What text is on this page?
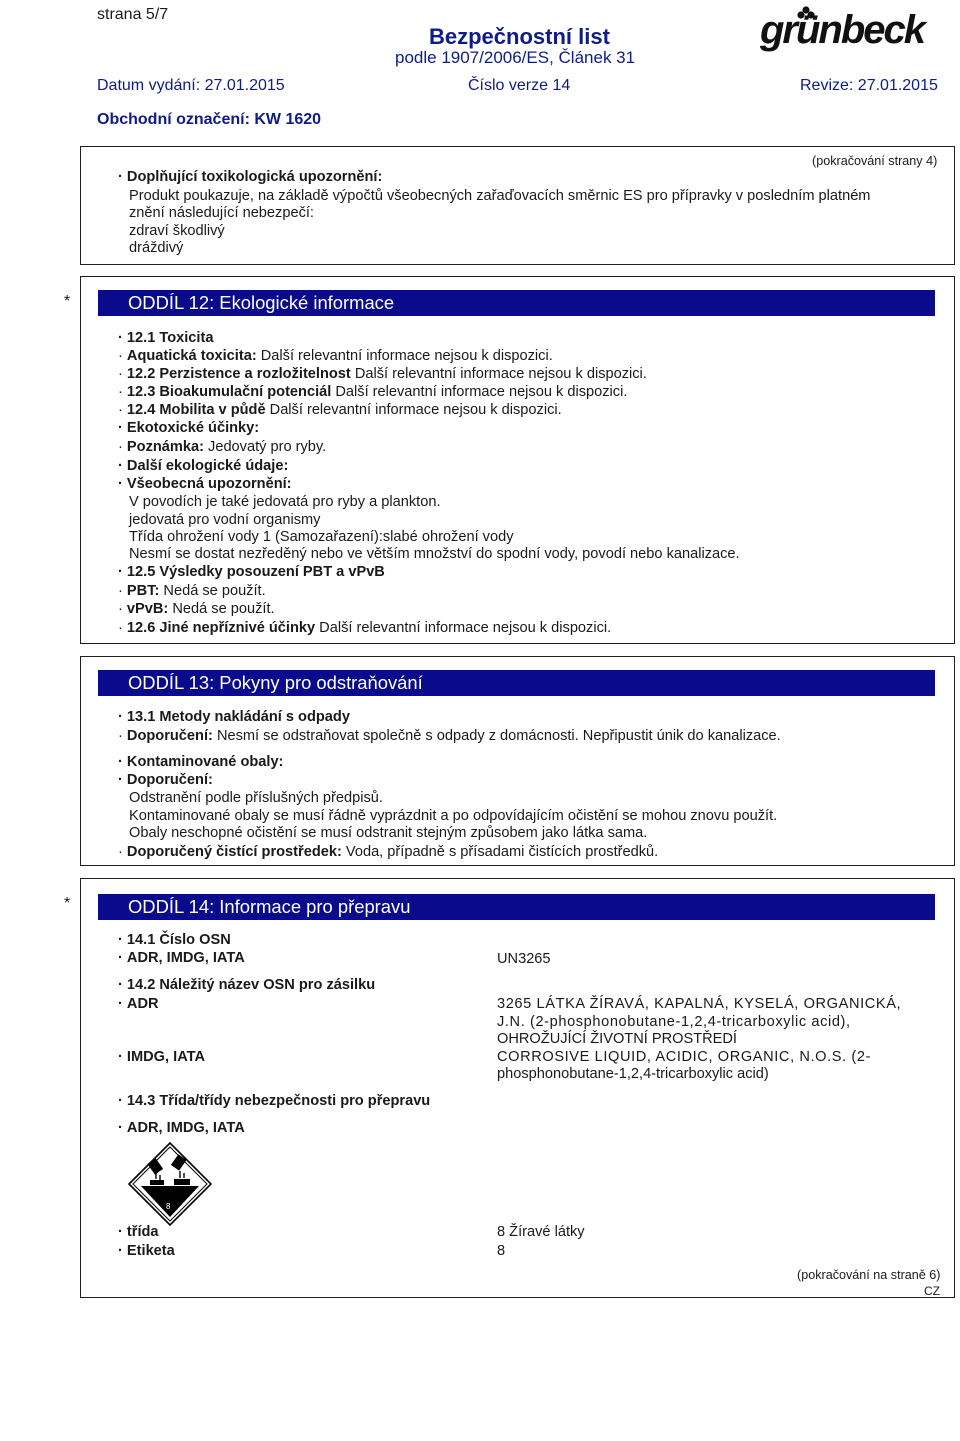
strana 5/7
Bezpečnostní list
podle 1907/2006/ES, Článek 31
grünbeck
Datum vydání: 27.01.2015	Číslo verze 14	Revize: 27.01.2015
Obchodní označení: KW 1620
(pokračování strany 4)
· Doplňující toxikologická upozornění:
Produkt poukazuje, na základě výpočtů všeobecných zařaďovacích směrnic ES pro přípravky v posledním platném
znění následující nebezpečí:
zdraví škodlivý
dráždivý
*	ODDÍL 12: Ekologické informace
· 12.1 Toxicita
· Aquatická toxicita: Další relevantní informace nejsou k dispozici.
· 12.2 Perzistence a rozložitelnost Další relevantní informace nejsou k dispozici.
· 12.3 Bioakumulační potenciál Další relevantní informace nejsou k dispozici.
· 12.4 Mobilita v půdě Další relevantní informace nejsou k dispozici.
· Ekotoxické účinky:
· Poznámka: Jedovatý pro ryby.
· Další ekologické údaje:
· Všeobecná upozornění:
V povodích je také jedovatá pro ryby a plankton.
jedovatá pro vodní organismy
Třída ohrožení vody 1 (Samozařazení):slabé ohrožení vody
Nesmí se dostat nezředěný nebo ve větším množství do spodní vody, povodí nebo kanalizace.
· 12.5 Výsledky posouzení PBT a vPvB
· PBT: Nedá se použít.
· vPvB: Nedá se použít.
· 12.6 Jiné nepříznivé účinky Další relevantní informace nejsou k dispozici.
ODDÍL 13: Pokyny pro odstraňování
· 13.1 Metody nakládání s odpady
· Doporučení: Nesmí se odstraňovat společně s odpady z domácnosti. Nepřipustit únik do kanalizace.
· Kontaminované obaly:
· Doporučení:
Odstranění podle příslušných předpisů.
Kontaminované obaly se musí řádně vyprázdnit a po odpovídajícím očistění se mohou znovu použít.
Obaly neschopné očistění se musí odstranit stejným způsobem jako látka sama.
· Doporučený čistící prostředek: Voda, případně s přísadami čistících prostředků.
*	ODDÍL 14: Informace pro přepravu
· 14.1 Číslo OSN
· ADR, IMDG, IATA	UN3265
· 14.2 Náležitý název OSN pro zásilku
· ADR	3265 LÁTKA ŽÍRAVÁ, KAPALNÁ, KYSELÁ, ORGANICKÁ,
J.N. (2-phosphonobutane-1,2,4-tricarboxylic acid),
OHROŽUJÍCÍ ŽIVOTNÍ PROSTŘEDÍ
· IMDG, IATA	CORROSIVE LIQUID, ACIDIC, ORGANIC, N.O.S. (2-
phosphonobutane-1,2,4-tricarboxylic acid)
· 14.3 Třída/třídy nebezpečnosti pro přepravu
· ADR, IMDG, IATA
8
· třída	8 Žíravé látky
· Etiketa	8
(pokračování na straně 6)
CZ
